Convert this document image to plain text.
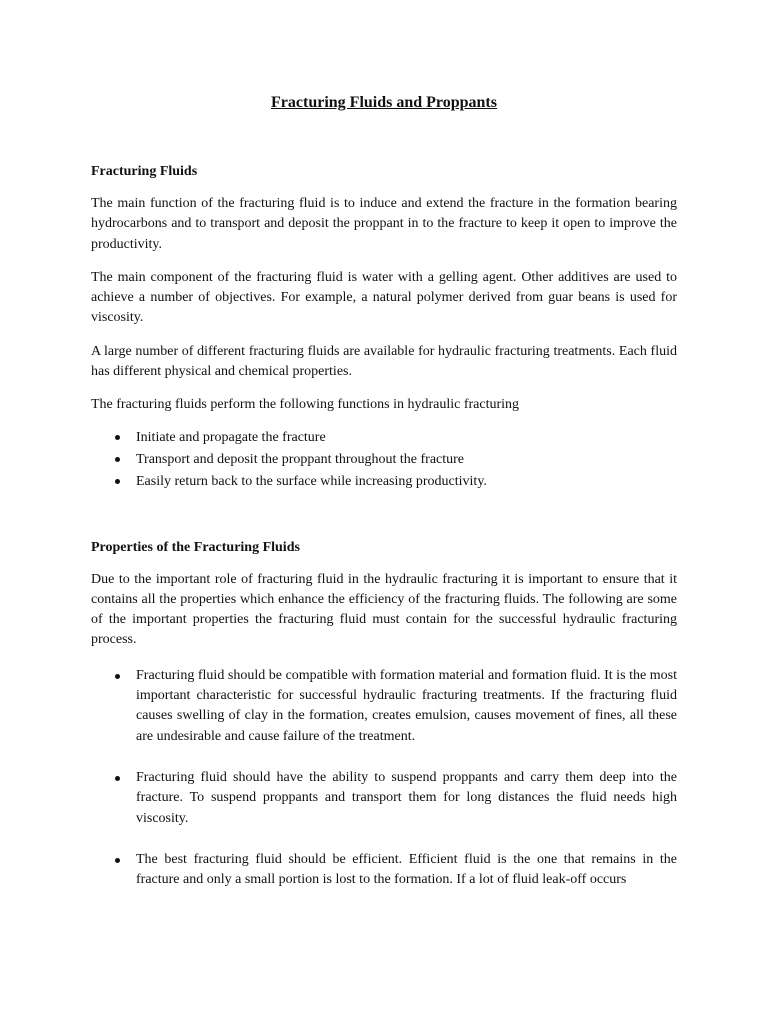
Fracturing Fluids and Proppants
Fracturing Fluids

The main function of the fracturing fluid is to induce and extend the fracture in the formation bearing hydrocarbons and to transport and deposit the proppant in to the fracture to keep it open to improve the productivity.

The main component of the fracturing fluid is water with a gelling agent. Other additives are used to achieve a number of objectives. For example, a natural polymer derived from guar beans is used for viscosity.

A large number of different fracturing fluids are available for hydraulic fracturing treatments. Each fluid has different physical and chemical properties.

The fracturing fluids perform the following functions in hydraulic fracturing

Initiate and propagate the fracture
Transport and deposit the proppant throughout the fracture
Easily return back to the surface while increasing productivity.
Properties of the Fracturing Fluids

Due to the important role of fracturing fluid in the hydraulic fracturing it is important to ensure that it contains all the properties which enhance the efficiency of the fracturing fluids. The following are some of the important properties the fracturing fluid must contain for the successful hydraulic fracturing process.

Fracturing fluid should be compatible with formation material and formation fluid. It is the most important characteristic for successful hydraulic fracturing treatments. If the fracturing fluid causes swelling of clay in the formation, creates emulsion, causes movement of fines, all these are undesirable and cause failure of the treatment.
Fracturing fluid should have the ability to suspend proppants and carry them deep into the fracture. To suspend proppants and transport them for long distances the fluid needs high viscosity.
The best fracturing fluid should be efficient. Efficient fluid is the one that remains in the fracture and only a small portion is lost to the formation. If a lot of fluid leak-off occurs
